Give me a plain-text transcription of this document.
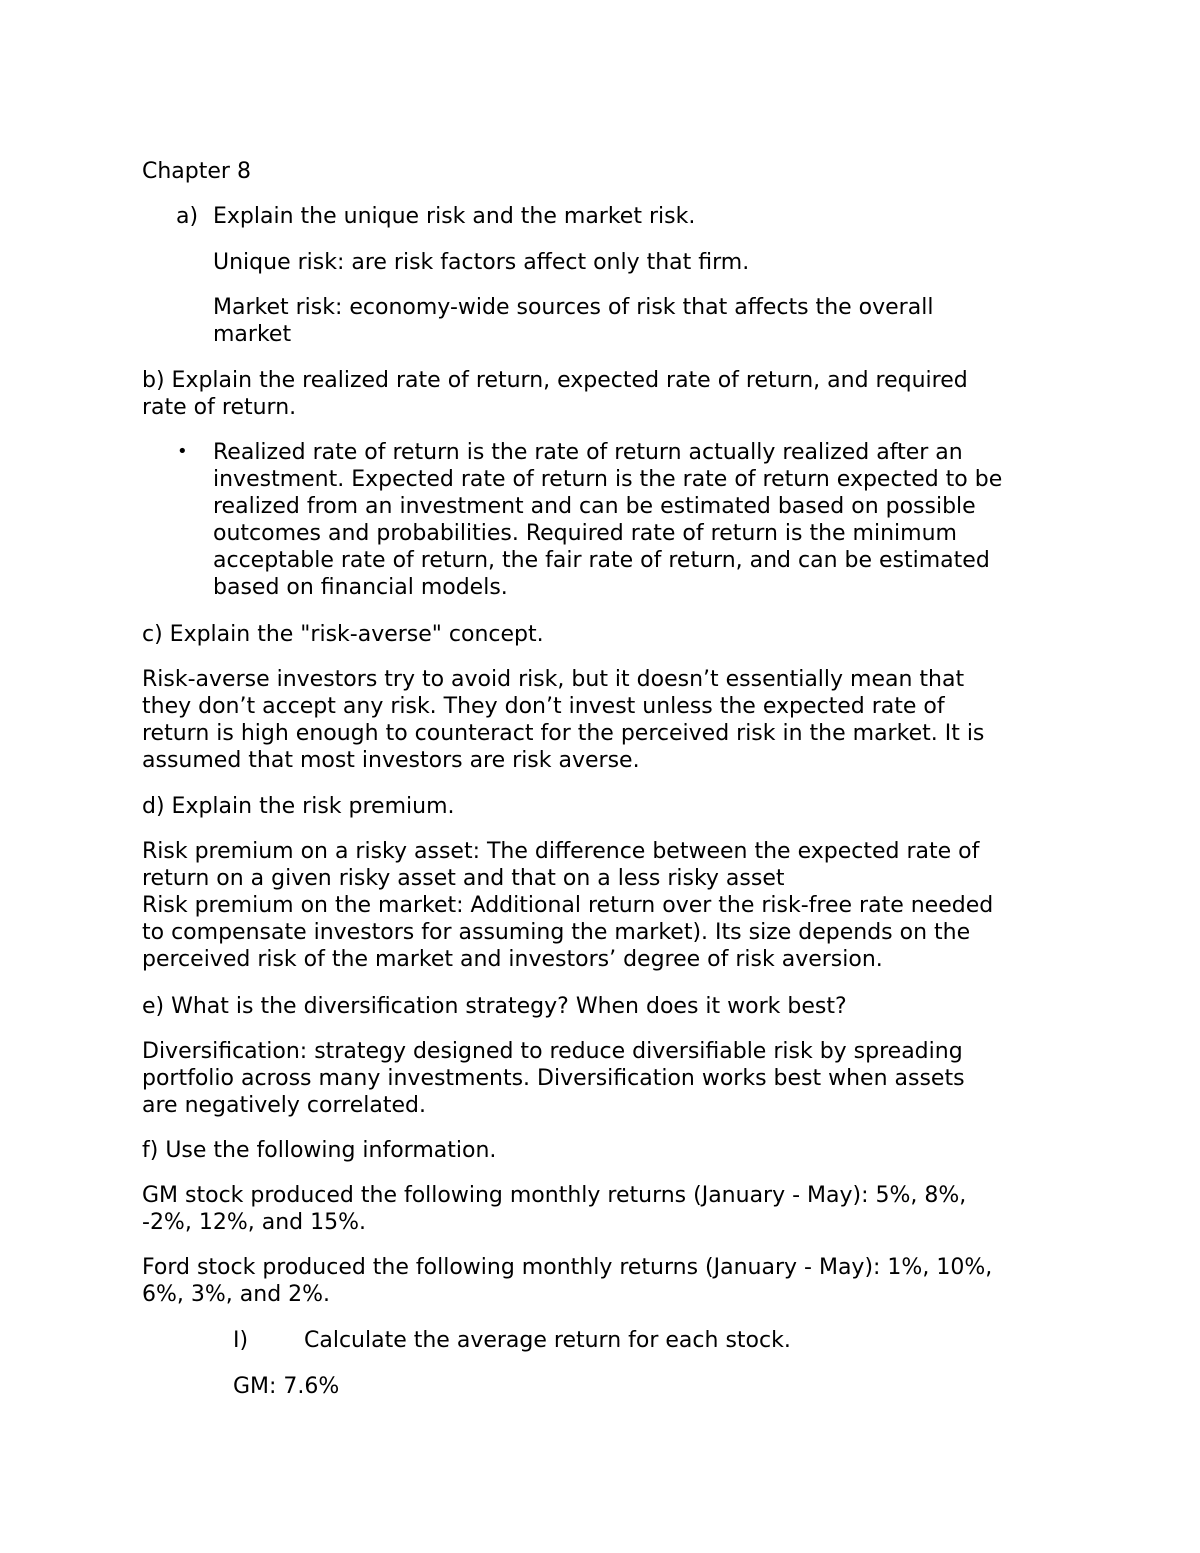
Chapter 8

a) Explain the unique risk and the market risk.

Unique risk: are risk factors affect only that firm.

Market risk: economy-wide sources of risk that affects the overall
market

b) Explain the realized rate of return, expected rate of return, and required
rate of return.

• Realized rate of return is the rate of return actually realized after an
investment. Expected rate of return is the rate of return expected to be
realized from an investment and can be estimated based on possible
outcomes and probabilities. Required rate of return is the minimum
acceptable rate of return, the fair rate of return, and can be estimated
based on financial models.

c) Explain the "risk-averse" concept.

Risk-averse investors try to avoid risk, but it doesn’t essentially mean that
they don’t accept any risk. They don’t invest unless the expected rate of
return is high enough to counteract for the perceived risk in the market. It is
assumed that most investors are risk averse.

d) Explain the risk premium.

Risk premium on a risky asset: The difference between the expected rate of
return on a given risky asset and that on a less risky asset
Risk premium on the market: Additional return over the risk-free rate needed
to compensate investors for assuming the market). Its size depends on the
perceived risk of the market and investors’ degree of risk aversion.

e) What is the diversification strategy? When does it work best?

Diversification: strategy designed to reduce diversifiable risk by spreading
portfolio across many investments. Diversification works best when assets
are negatively correlated.

f) Use the following information.

GM stock produced the following monthly returns (January - May): 5%, 8%,
-2%, 12%, and 15%.

Ford stock produced the following monthly returns (January - May): 1%, 10%,
6%, 3%, and 2%.

I)	Calculate the average return for each stock.

GM: 7.6%
